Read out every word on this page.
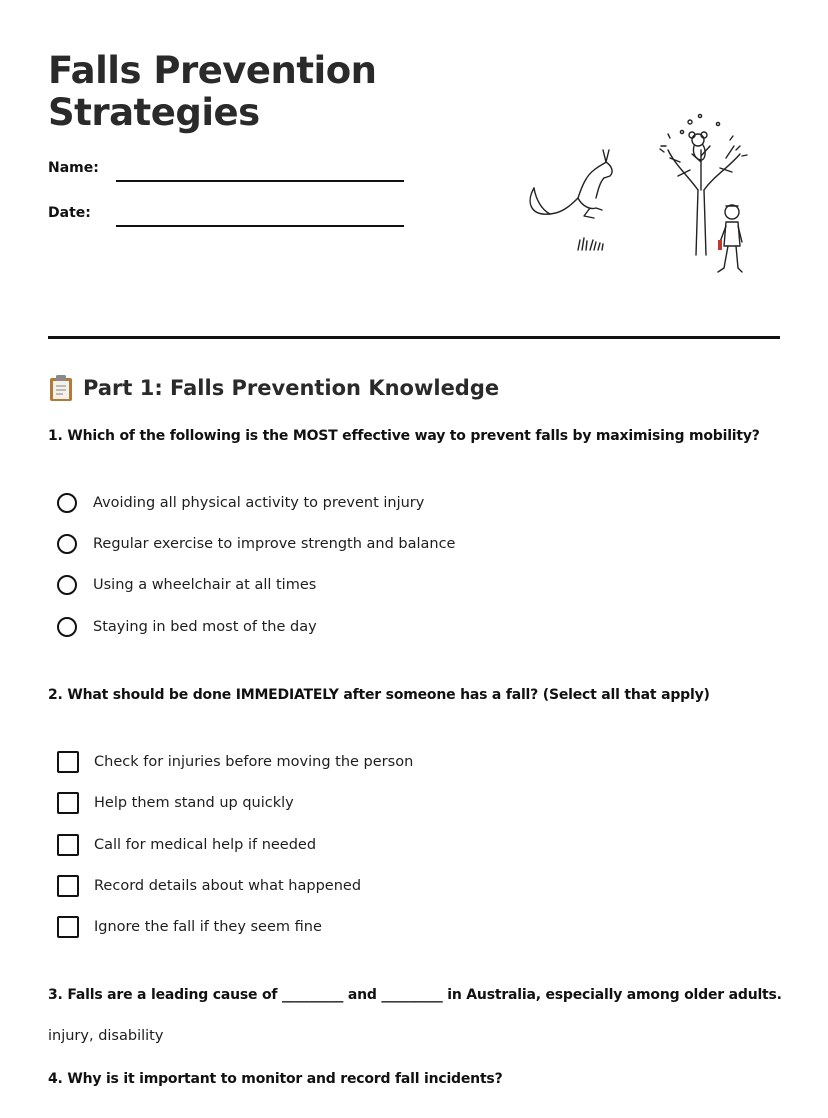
Falls Prevention
Strategies
Name:
Date:
Part 1: Falls Prevention Knowledge

1. Which of the following is the MOST effective way to prevent falls by maximising mobility?

Avoiding all physical activity to prevent injury
Regular exercise to improve strength and balance
Using a wheelchair at all times
Staying in bed most of the day

2. What should be done IMMEDIATELY after someone has a fall? (Select all that apply)

Check for injuries before moving the person
Help them stand up quickly
Call for medical help if needed
Record details about what happened
Ignore the fall if they seem fine

3. Falls are a leading cause of _________ and _________ in Australia, especially among older adults.

injury, disability

4. Why is it important to monitor and record fall incidents?
